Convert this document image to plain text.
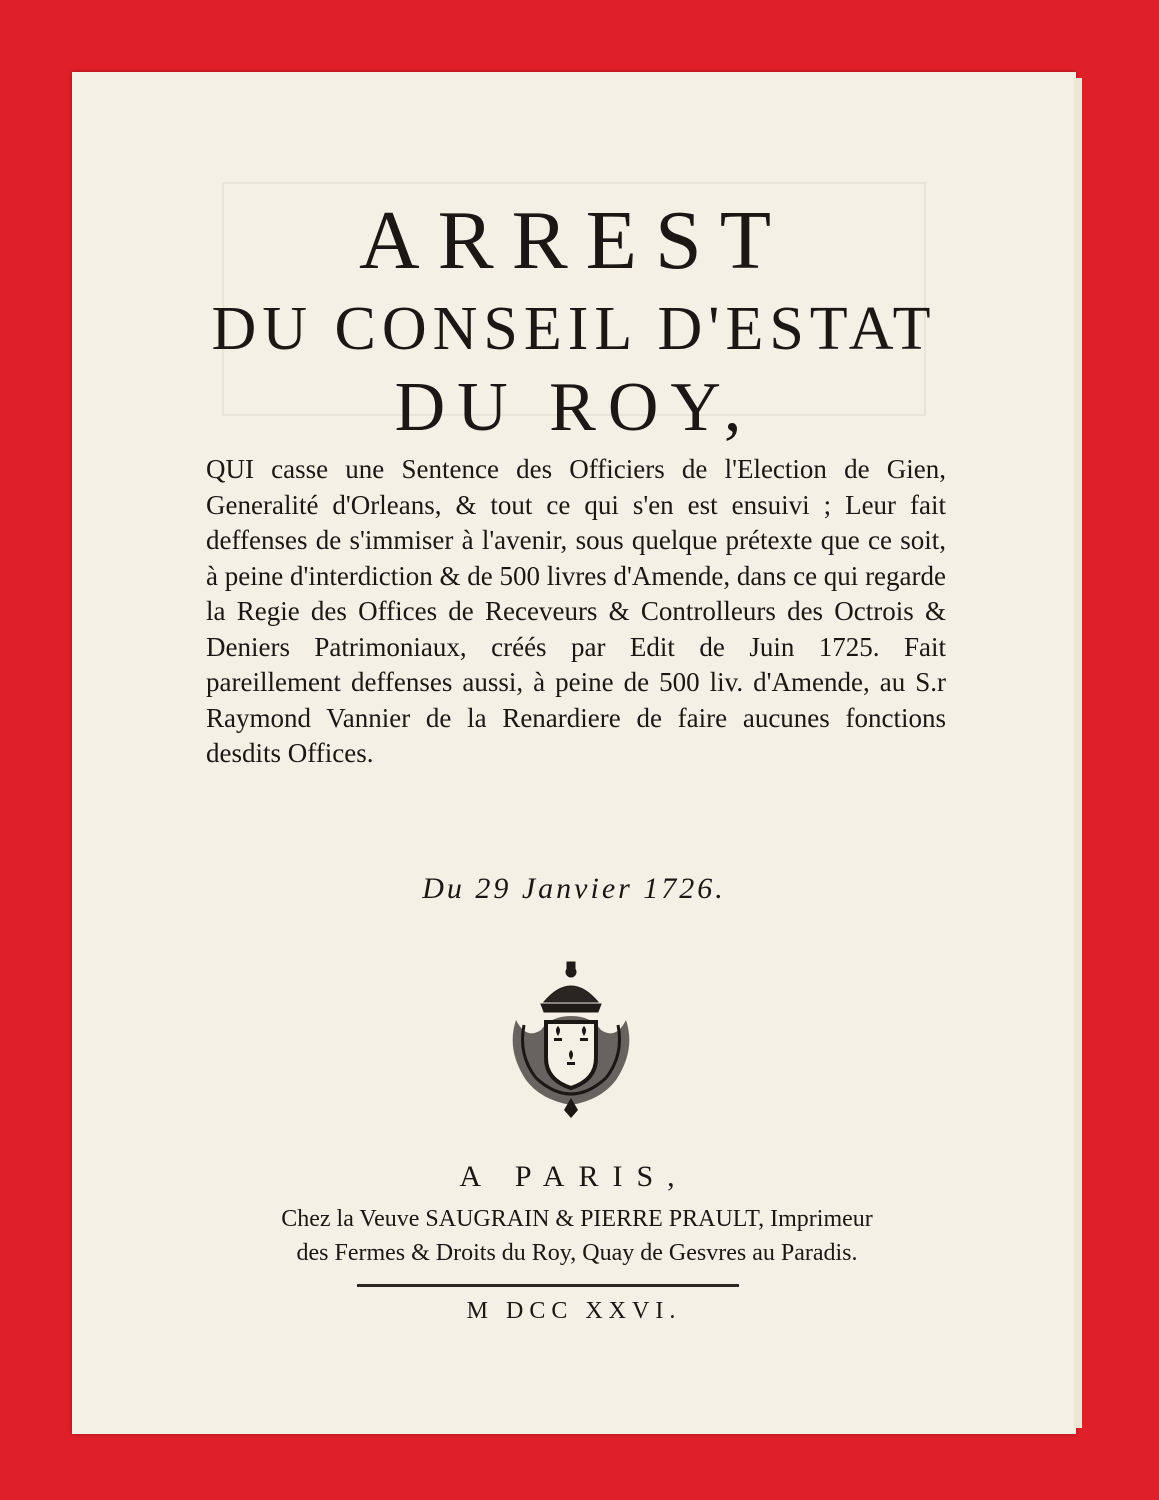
ARREST
DU CONSEIL D'ESTAT
DU ROY,
QUI casse une Sentence des Officiers de l'Election de Gien, Generalité d'Orleans, & tout ce qui s'en est ensuivi ; Leur fait deffenses de s'immiser à l'avenir, sous quelque prétexte que ce soit, à peine d'interdiction & de 500 livres d'Amende, dans ce qui regarde la Regie des Offices de Receveurs & Controlleurs des Octrois & Deniers Patrimoniaux, créés par Edit de Juin 1725. Fait pareillement deffenses aussi, à peine de 500 liv. d'Amende, au S.r Raymond Vannier de la Renardiere de faire aucunes fonctions desdits Offices.
Du 29 Janvier 1726.
A PARIS,
Chez la Veuve SAUGRAIN & PIERRE PRAULT, Imprimeur
des Fermes & Droits du Roy, Quay de Gesvres au Paradis.
M DCC XXVI.
